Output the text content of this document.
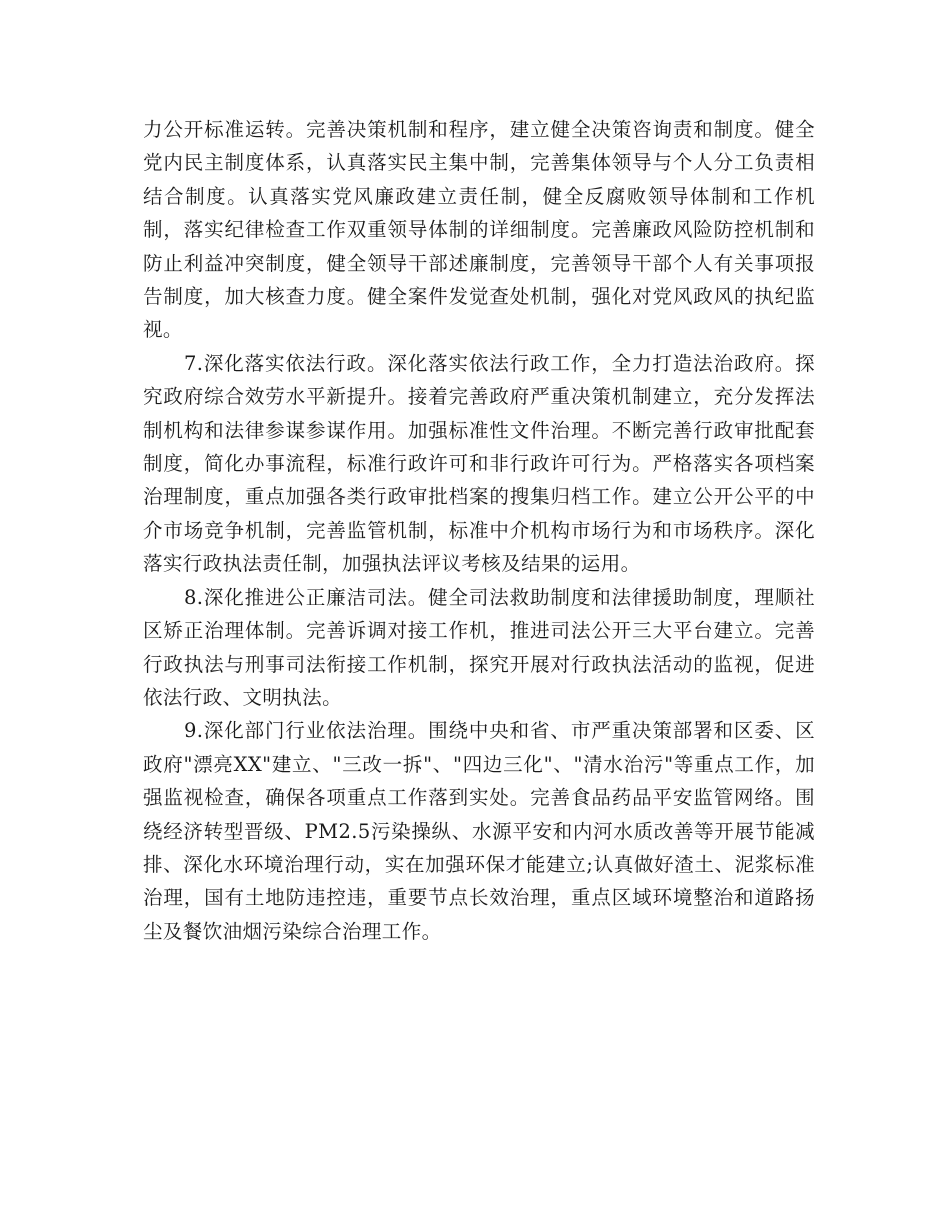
力公开标准运转。完善决策机制和程序，建立健全决策咨询责和制度。健全党内民主制度体系，认真落实民主集中制，完善集体领导与个人分工负责相结合制度。认真落实党风廉政建立责任制，健全反腐败领导体制和工作机制，落实纪律检查工作双重领导体制的详细制度。完善廉政风险防控机制和防止利益冲突制度，健全领导干部述廉制度，完善领导干部个人有关事项报告制度，加大核查力度。健全案件发觉查处机制，强化对党风政风的执纪监视。

7.深化落实依法行政。深化落实依法行政工作，全力打造法治政府。探究政府综合效劳水平新提升。接着完善政府严重决策机制建立，充分发挥法制机构和法律参谋参谋作用。加强标准性文件治理。不断完善行政审批配套制度，简化办事流程，标准行政许可和非行政许可行为。严格落实各项档案治理制度，重点加强各类行政审批档案的搜集归档工作。建立公开公平的中介市场竞争机制，完善监管机制，标准中介机构市场行为和市场秩序。深化落实行政执法责任制，加强执法评议考核及结果的运用。

8.深化推进公正廉洁司法。健全司法救助制度和法律援助制度，理顺社区矫正治理体制。完善诉调对接工作机，推进司法公开三大平台建立。完善行政执法与刑事司法衔接工作机制，探究开展对行政执法活动的监视，促进依法行政、文明执法。

9.深化部门行业依法治理。围绕中央和省、市严重决策部署和区委、区政府"漂亮XX"建立、"三改一拆"、"四边三化"、"清水治污"等重点工作，加强监视检查，确保各项重点工作落到实处。完善食品药品平安监管网络。围绕经济转型晋级、PM2.5污染操纵、水源平安和内河水质改善等开展节能减排、深化水环境治理行动，实在加强环保才能建立;认真做好渣土、泥浆标准治理，国有土地防违控违，重要节点长效治理，重点区域环境整治和道路扬尘及餐饮油烟污染综合治理工作。
